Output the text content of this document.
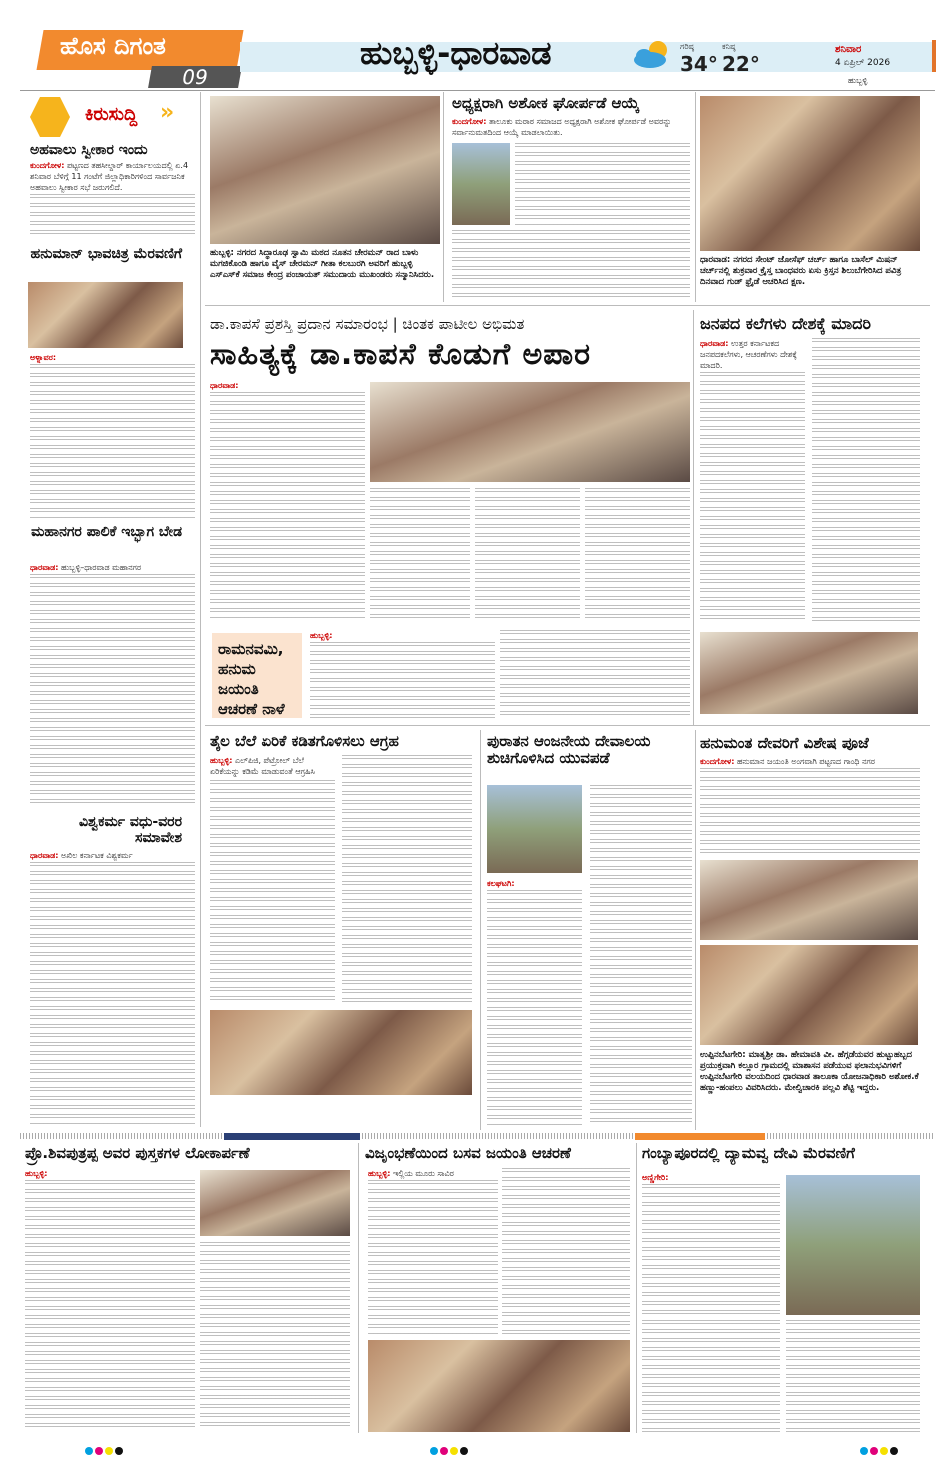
ಹೊಸ ದಿಗಂತ
09
ಹುಬ್ಬಳ್ಳಿ-ಧಾರವಾಡ	ಗರಿಷ್ಠ
34°
ಕನಿಷ್ಠ
22°
ಶನಿವಾರ
4 ಏಪ್ರಿಲ್ 2026
ಹುಬ್ಬಳ್ಳಿ
ಕಿರುಸುದ್ದಿ »
ಅಹವಾಲು ಸ್ವೀಕಾರ ಇಂದು
ಕುಂದಗೋಳ: ಪಟ್ಟಣದ ತಹಸೀಲ್ದಾರ್ ಕಾರ್ಯಾಲಯದಲ್ಲಿ ಏ.4 ಶನಿವಾರ ಬೆಳಿಗ್ಗೆ 11 ಗಂಟೆಗೆ ಜಿಲ್ಲಾಧಿಕಾರಿಗಳಿಂದ ಸಾರ್ವಜನಿಕ ಅಹವಾಲು ಸ್ವೀಕಾರ ಸಭೆ ಜರುಗಲಿದೆ.
ಹನುಮಾನ್ ಭಾವಚಿತ್ರ ಮೆರವಣಿಗೆ
ಅಳ್ನಾವರ:
ಮಹಾನಗರ ಪಾಲಿಕೆ ಇಬ್ಭಾಗ ಬೇಡ
ಧಾರವಾಡ: ಹುಬ್ಬಳ್ಳಿ–ಧಾರವಾಡ ಮಹಾನಗರ
ವಿಶ್ವಕರ್ಮ ವಧು-ವರರ ಸಮಾವೇಶ
ಧಾರವಾಡ: ಅಖಿಲ ಕರ್ನಾಟಕ ವಿಶ್ವಕರ್ಮ
ಹುಬ್ಬಳ್ಳಿ: ನಗರದ ಸಿದ್ಧಾರೂಢ ಸ್ವಾಮಿ ಮಠದ ನೂತನ ಚೇರಮನ್ ರಾದ ಬಾಳು ಮಗಜಿಕೊಂಡಿ ಹಾಗೂ ವೈಸ್ ಚೇರಮನ್ ಗೀತಾ ಕಲಬುರಗಿ ಅವರಿಗೆ ಹುಬ್ಬಳ್ಳಿ ಎಸ್‌ಎಸ್‌ಕೆ ಸಮಾಜ ಕೇಂದ್ರ ಪಂಚಾಯತ್ ಸಮುದಾಯ ಮುಖಂಡರು ಸನ್ಮಾನಿಸಿದರು.
ಅಧ್ಯಕ್ಷರಾಗಿ ಅಶೋಕ ಘೋರ್ಪಡೆ ಆಯ್ಕೆ
ಕುಂದಗೋಳ: ತಾಲೂಕು ಮರಾಠ ಸಮಾಜದ ಅಧ್ಯಕ್ಷರಾಗಿ ಅಶೋಕ ಘೋರ್ಪಡೆ ಅವರನ್ನು ಸರ್ವಾನುಮತದಿಂದ ಆಯ್ಕೆ ಮಾಡಲಾಯಿತು.
ಧಾರವಾಡ: ನಗರದ ಸೇಂಟ್ ಜೋಸೆಫ್ ಚರ್ಚ್ ಹಾಗೂ ಬಾಸೆಲ್ ಮಿಷನ್ ಚರ್ಚ್‌ನಲ್ಲಿ ಶುಕ್ರವಾರ ಕ್ರೈಸ್ತ ಬಾಂಧವರು ಏಸು ಕ್ರಿಸ್ತನ ಶಿಲುಬೆಗೇರಿಸಿದ ಪವಿತ್ರ ದಿನವಾದ ಗುಡ್ ಫ್ರೈಡೆ ಆಚರಿಸಿದ ಕ್ಷಣ.
ಡಾ.ಕಾಪಸೆ ಪ್ರಶಸ್ತಿ ಪ್ರದಾನ ಸಮಾರಂಭ | ಚಿಂತಕ ಪಾಟೀಲ ಅಭಿಮತ
ಸಾಹಿತ್ಯಕ್ಕೆ ಡಾ.ಕಾಪಸೆ ಕೊಡುಗೆ ಅಪಾರ
ಧಾರವಾಡ:
ರಾಮನವಮಿ, ಹನುಮ ಜಯಂತಿ ಆಚರಣೆ ನಾಳೆ
ಹುಬ್ಬಳ್ಳಿ:
ಜನಪದ ಕಲೆಗಳು ದೇಶಕ್ಕೆ ಮಾದರಿ
ಧಾರವಾಡ: ಉತ್ತರ ಕರ್ನಾಟಕದ ಜನಪದಕಲೆಗಳು, ಆಚರಣೆಗಳು ದೇಶಕ್ಕೆ ಮಾದರಿ.
ತೈಲ ಬೆಲೆ ಏರಿಕೆ ಕಡಿತಗೊಳಿಸಲು ಆಗ್ರಹ
ಹುಬ್ಬಳ್ಳಿ: ಎಲ್‌ಪಿಜಿ, ಪೆಟ್ರೋಲ್ ಬೆಲೆ ಏರಿಕೆಯನ್ನು ಕಡಿಮೆ ಮಾಡುವಂತೆ ಆಗ್ರಹಿಸಿ
ಪುರಾತನ ಆಂಜನೇಯ ದೇವಾಲಯ ಶುಚಿಗೊಳಿಸಿದ ಯುವಪಡೆ
ಕಲಘಟಗಿ:
ಹನುಮಂತ ದೇವರಿಗೆ ವಿಶೇಷ ಪೂಜೆ
ಕುಂದಗೋಳ: ಹನುಮಾನ ಜಯಂತಿ ಅಂಗವಾಗಿ ಪಟ್ಟಣದ ಗಾಂಧಿ ನಗರ
ಉಪ್ಪಿನಬೆಟಗೇರಿ: ಮಾತೃಶ್ರೀ ಡಾ. ಹೇಮಾವತಿ ವೀ. ಹೆಗ್ಗಡೆಯವರ ಹುಟ್ಟುಹಬ್ಬದ ಪ್ರಯುಕ್ತವಾಗಿ ಕಲ್ಲೂರ ಗ್ರಾಮದಲ್ಲಿ ಮಾಶಾಸನ ಪಡೆಯುವ ಫಲಾನುಭವಿಗಳಿಗೆ ಉಪ್ಪಿನಬೆಟಗೇರಿ ವಲಯದಿಂದ ಧಾರವಾಡ ತಾಲೂಕಾ ಯೋಜನಾಧಿಕಾರಿ ಅಶೋಕ.ಕೆ ಹಣ್ಣು-ಹಂಪಲು ವಿವರಿಸಿದರು. ಮೇಲ್ವಿಚಾರಕಿ ಪಲ್ಲವಿ ಶೆಟ್ಟಿ ಇದ್ದರು.
ಪ್ರೊ.ಶಿವಪುತ್ರಪ್ಪ ಅವರ ಪುಸ್ತಕಗಳ ಲೋಕಾರ್ಪಣೆ
ಹುಬ್ಬಳ್ಳಿ:
ವಿಜೃಂಭಣೆಯಿಂದ ಬಸವ ಜಯಂತಿ ಆಚರಣೆ
ಹುಬ್ಬಳ್ಳಿ: ಇಲ್ಲಿಯ ಮೂರು ಸಾವಿರ
ಗಂಬ್ಯಾಪೂರದಲ್ಲಿ ದ್ಯಾಮವ್ವ ದೇವಿ ಮೆರವಣಿಗೆ
ಅಣ್ಣಿಗೇರಿ:
